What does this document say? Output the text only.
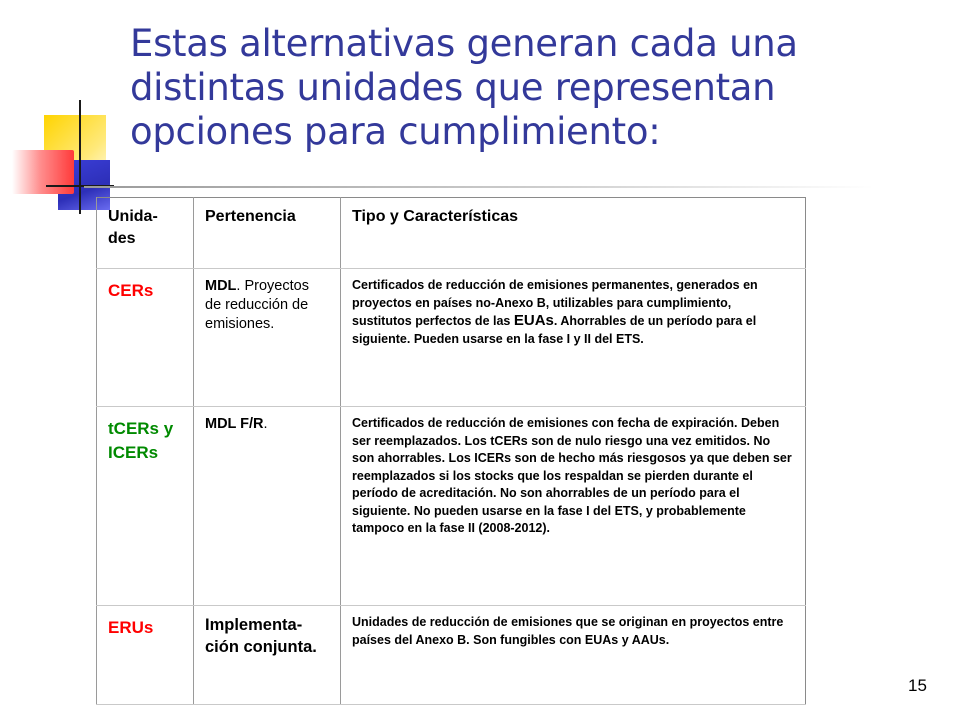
Estas alternativas generan cada una distintas unidades que representan opciones para cumplimiento:
Unida-des	Pertenencia	Tipo y Características
CERs	MDL. Proyectos de reducción de emisiones.	Certificados de reducción de emisiones permanentes, generados en proyectos en países no-Anexo B, utilizables para cumplimiento, sustitutos perfectos de las EUAs. Ahorrables de un período para el siguiente. Pueden usarse en la fase I y II del ETS.
tCERs y ICERs	MDL F/R.	Certificados de reducción de emisiones con fecha de expiración. Deben ser reemplazados. Los tCERs son de nulo riesgo una vez emitidos. No son ahorrables. Los ICERs son de hecho más riesgosos ya que deben ser reemplazados si los stocks que los respaldan se pierden durante el período de acreditación. No son ahorrables de un período para el siguiente. No pueden usarse en la fase I del ETS, y probablemente tampoco en la fase II (2008-2012).
ERUs	Implementa-ción conjunta.	Unidades de reducción de emisiones que se originan en proyectos entre países del Anexo B. Son fungibles con EUAs y AAUs.
15
